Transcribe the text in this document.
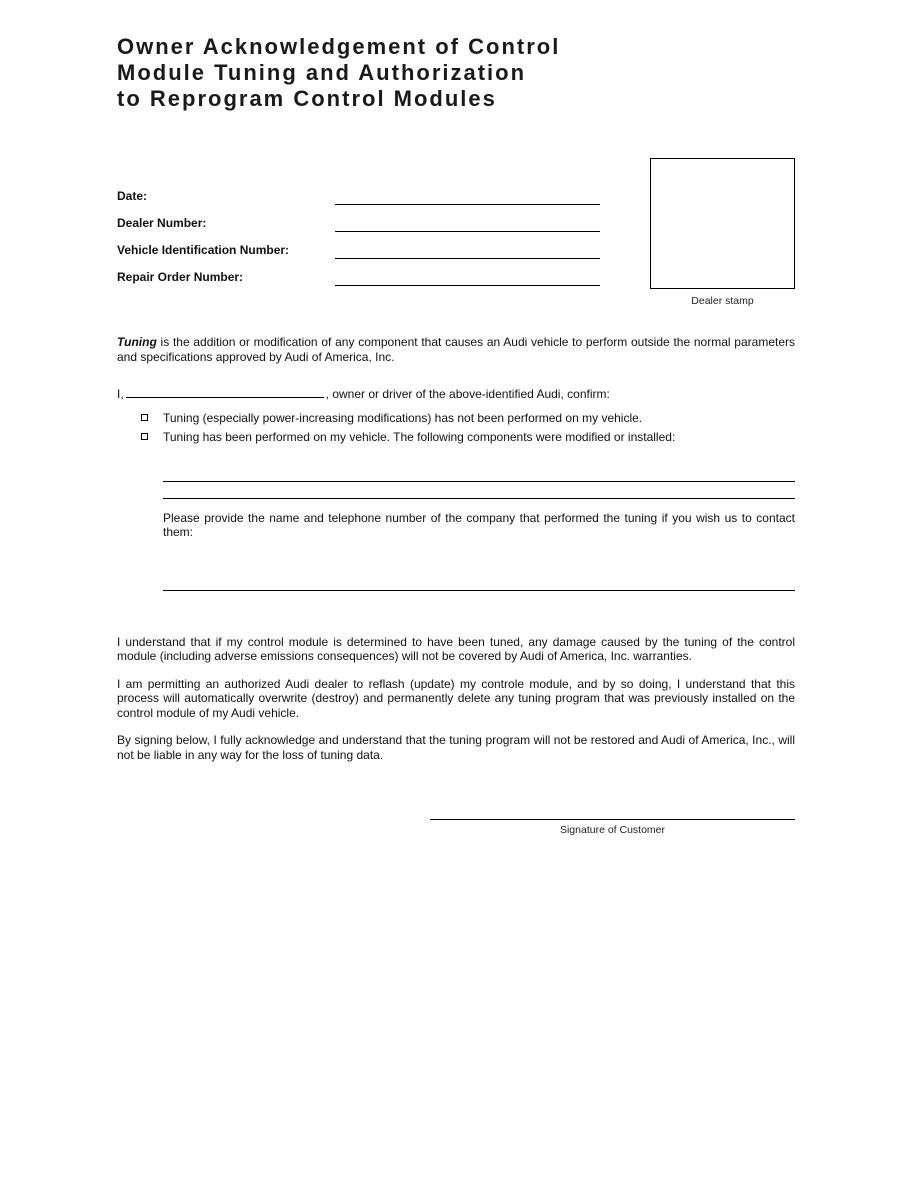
Owner Acknowledgement of Control
Module Tuning and Authorization
to Reprogram Control Modules
Date:
Dealer Number:
Vehicle Identification Number:
Repair Order Number:
Dealer stamp

Tuning is the addition or modification of any component that causes an Audi vehicle to perform outside the normal parameters and specifications approved by Audi of America, Inc.

I,	, owner or driver of the above-identified Audi, confirm:

Tuning (especially power-increasing modifications) has not been performed on my vehicle.
Tuning has been performed on my vehicle. The following components were modified or installed:

Please provide the name and telephone number of the company that performed the tuning if you wish us to contact them:

I understand that if my control module is determined to have been tuned, any damage caused by the tuning of the control module (including adverse emissions consequences) will not be covered by Audi of America, Inc. warranties.

I am permitting an authorized Audi dealer to reflash (update) my controle module, and by so doing, I understand that this process will automatically overwrite (destroy) and permanently delete any tuning program that was previously installed on the control module of my Audi vehicle.

By signing below, I fully acknowledge and understand that the tuning program will not be restored and Audi of America, Inc., will not be liable in any way for the loss of tuning data.

Signature of Customer
